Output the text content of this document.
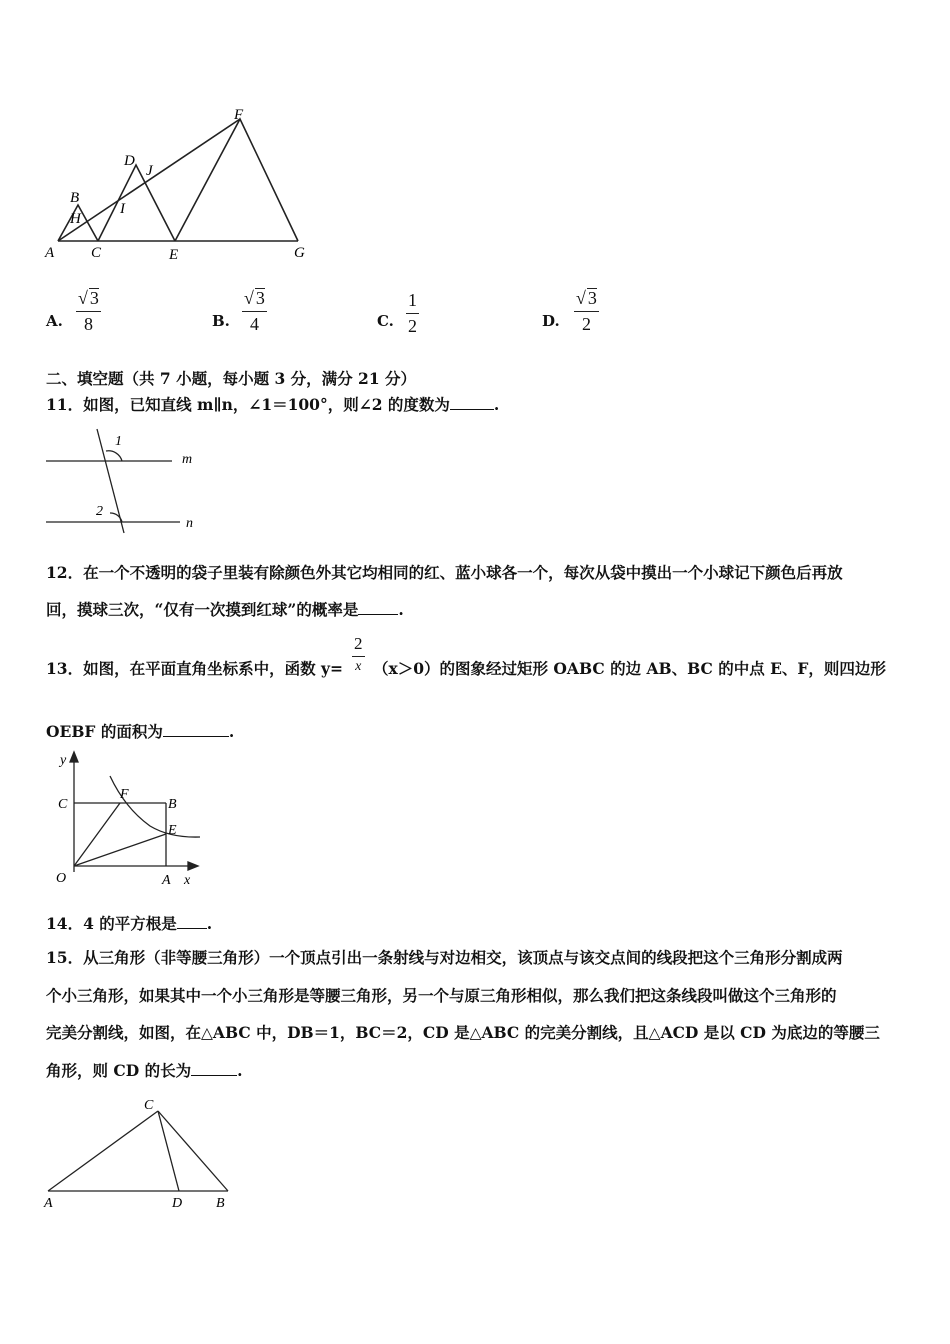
F
D
J
B
I
H
A C	E	G
A.
√ 3
8	B.
√ 3
4	C.
1
2	D.
√ 3
2
二、填空题（共 7 小题，每小题 3 分，满分 21 分）
11．如图，已知直线 m∥n，∠1＝100°，则∠2 的度数为	.
m
n
1
2
12．在一个不透明的袋子里装有除颜色外其它均相同的红、蓝小球各一个，每次从袋中摸出一个小球记下颜色后再放
回，摸球三次，“仅有一次摸到红球”的概率是	.
13．如图，在平面直角坐标系中，函数 y=
2
x （x＞0）的图象经过矩形 OABC 的边 AB、BC 的中点 E、F，则四边形
OEBF 的面积为	.
y
C
F
B
E
O	A x
14．4 的平方根是 .
15．从三角形（非等腰三角形）一个顶点引出一条射线与对边相交，该顶点与该交点间的线段把这个三角形分割成两
个小三角形，如果其中一个小三角形是等腰三角形，另一个与原三角形相似，那么我们把这条线段叫做这个三角形的
完美分割线，如图，在△ABC 中，DB＝1，BC＝2，CD 是△ABC 的完美分割线，且△ACD 是以 CD 为底边的等腰三
角形，则 CD 的长为	.
C
A	D B
